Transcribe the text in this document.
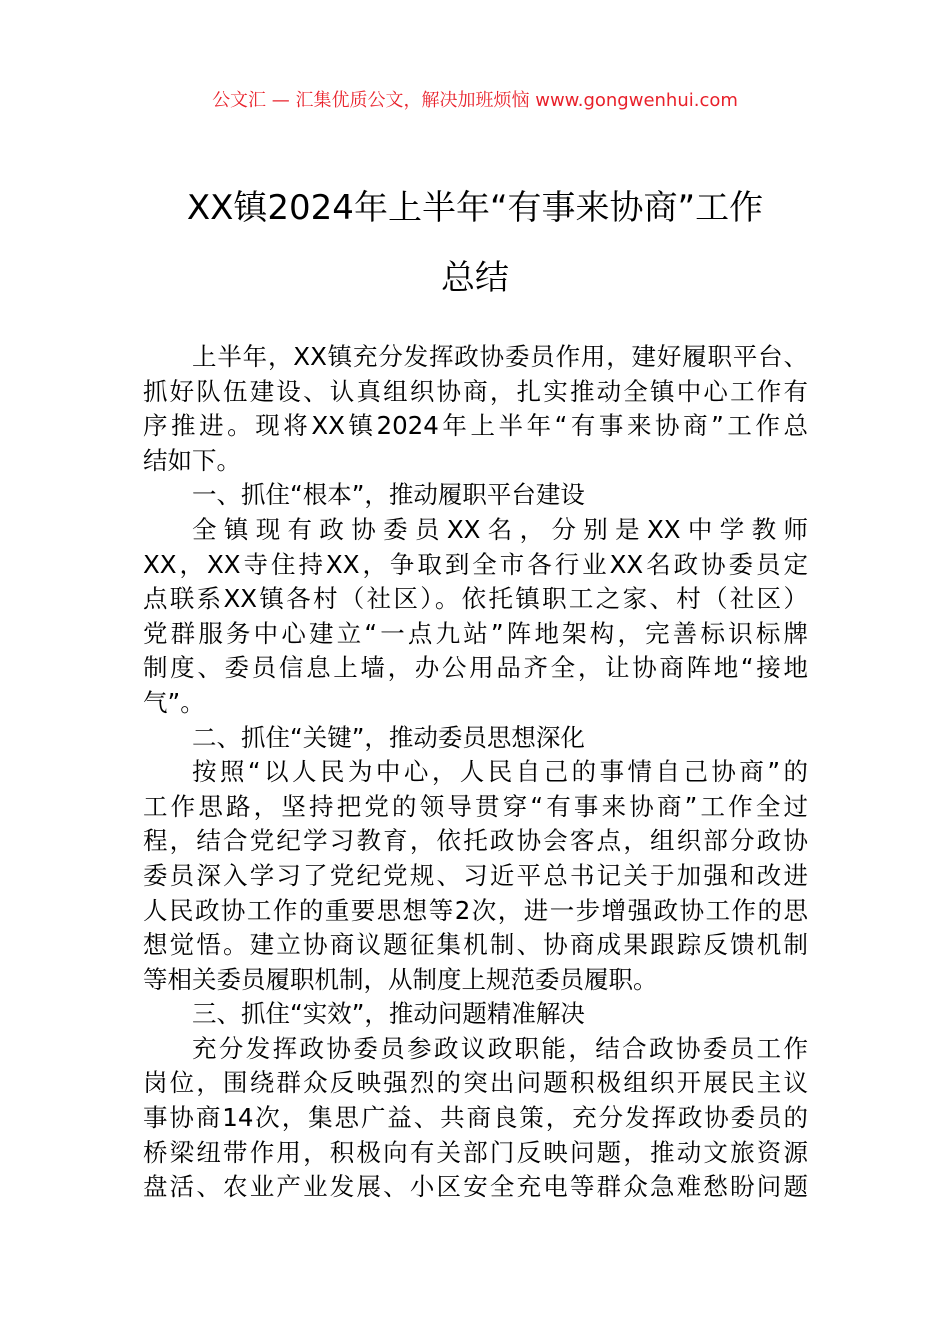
公文汇 — 汇集优质公文，解决加班烦恼 www.gongwenhui.com
XX镇2024年上半年“有事来协商”工作
总结
上半年，XX镇充分发挥政协委员作用，建好履职平台、
抓好队伍建设、认真组织协商，扎实推动全镇中心工作有
序推进。现将XX镇2024年上半年“有事来协商”工作总
结如下。
一、抓住“根本”，推动履职平台建设
全镇现有政协委员XX名，分别是XX中学教师
XX，XX寺住持XX，争取到全市各行业XX名政协委员定
点联系XX镇各村（社区）。依托镇职工之家、村（社区）
党群服务中心建立“一点九站”阵地架构，完善标识标牌
制度、委员信息上墙，办公用品齐全，让协商阵地“接地
气”。
二、抓住“关键”，推动委员思想深化
按照“以人民为中心，人民自己的事情自己协商”的
工作思路，坚持把党的领导贯穿“有事来协商”工作全过
程，结合党纪学习教育，依托政协会客点，组织部分政协
委员深入学习了党纪党规、习近平总书记关于加强和改进
人民政协工作的重要思想等2次，进一步增强政协工作的思
想觉悟。建立协商议题征集机制、协商成果跟踪反馈机制
等相关委员履职机制，从制度上规范委员履职。
三、抓住“实效”，推动问题精准解决
充分发挥政协委员参政议政职能，结合政协委员工作
岗位，围绕群众反映强烈的突出问题积极组织开展民主议
事协商14次，集思广益、共商良策，充分发挥政协委员的
桥梁纽带作用，积极向有关部门反映问题，推动文旅资源
盘活、农业产业发展、小区安全充电等群众急难愁盼问题
